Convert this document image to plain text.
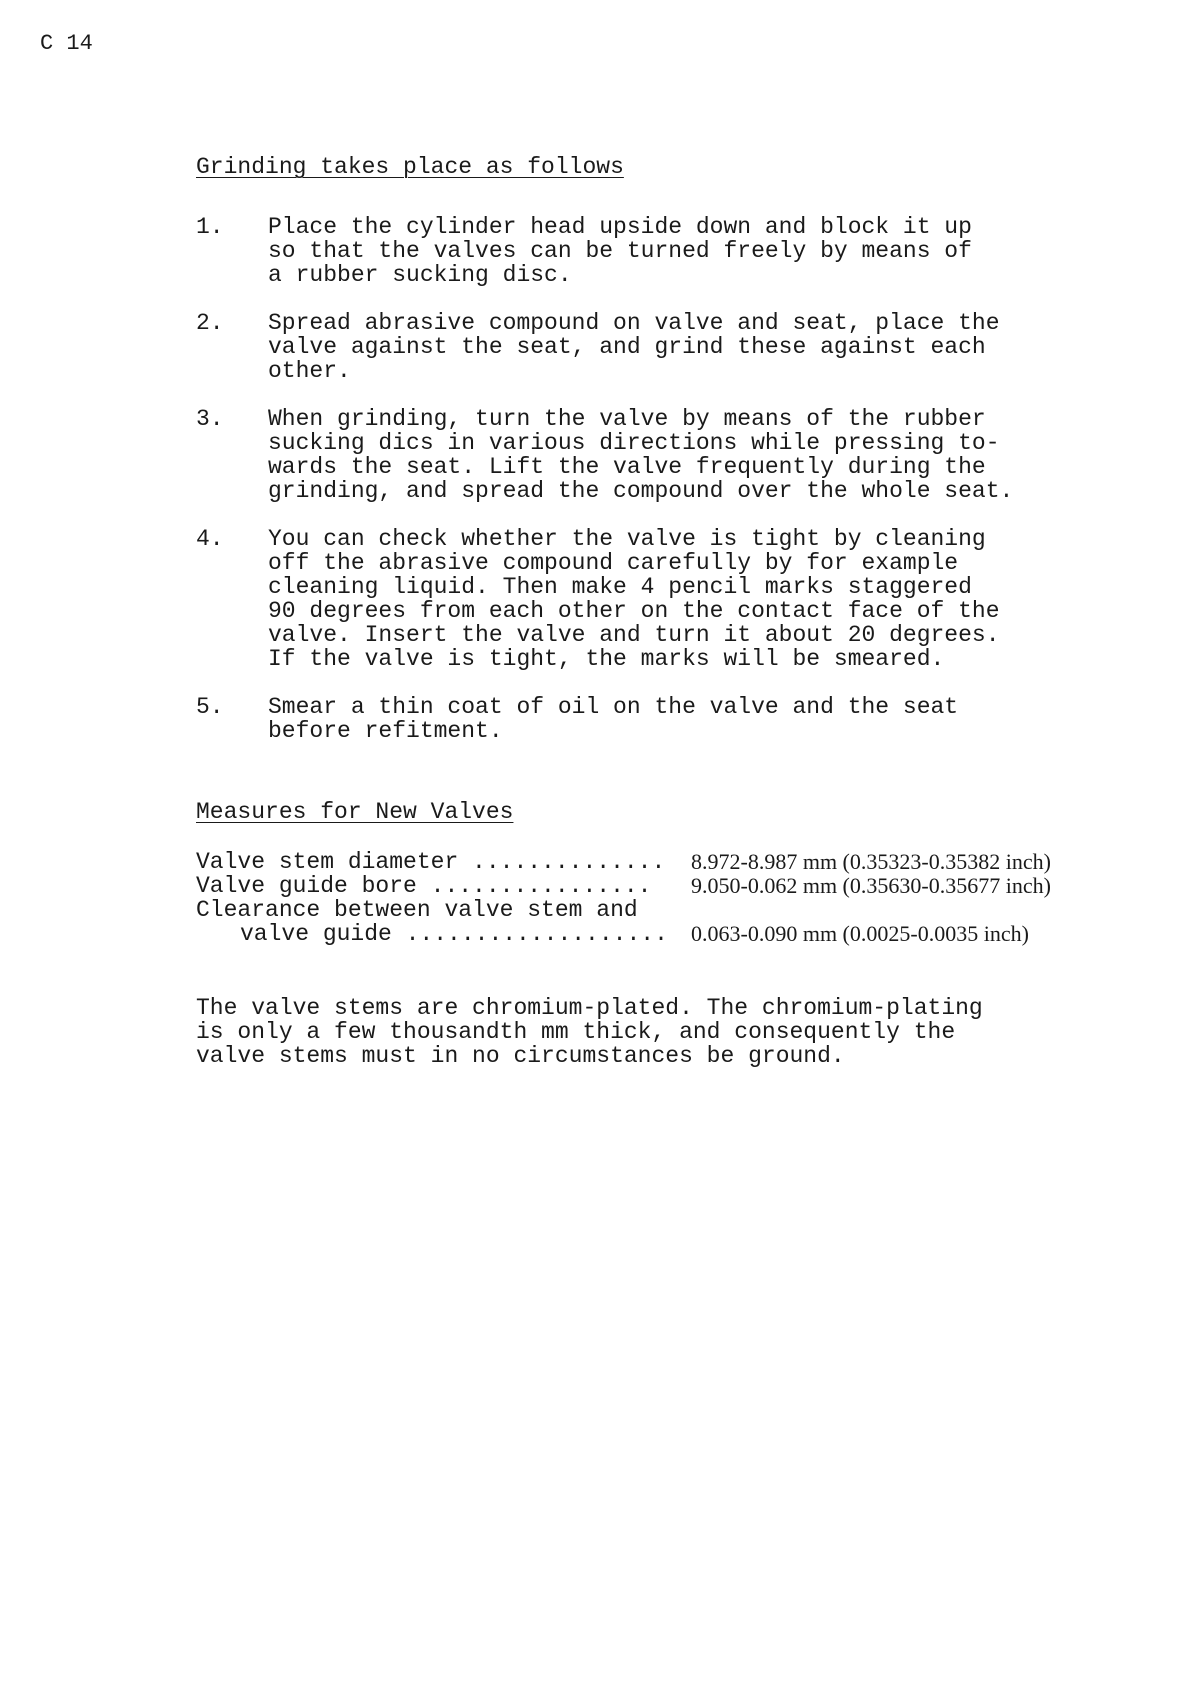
C 14
Grinding takes place as follows
1.	Place the cylinder head upside down and block it up
so that the valves can be turned freely by means of
a rubber sucking disc.
2.	Spread abrasive compound on valve and seat, place the
valve against the seat, and grind these against each
other.
3.	When grinding, turn the valve by means of the rubber
sucking dics in various directions while pressing to-
wards the seat. Lift the valve frequently during the
grinding, and spread the compound over the whole seat.
4.	You can check whether the valve is tight by cleaning
off the abrasive compound carefully by for example
cleaning liquid. Then make 4 pencil marks staggered
90 degrees from each other on the contact face of the
valve. Insert the valve and turn it about 20 degrees.
If the valve is tight, the marks will be smeared.
5.	Smear a thin coat of oil on the valve and the seat
before refitment.
Measures for New Valves
Valve stem diameter ..............	8.972-8.987 mm (0.35323-0.35382 inch)
Valve guide bore ................	9.050-0.062 mm (0.35630-0.35677 inch)
Clearance between valve stem and
valve guide ...................	0.063-0.090 mm (0.0025-0.0035 inch)
The valve stems are chromium-plated. The chromium-plating
is only a few thousandth mm thick, and consequently the
valve stems must in no circumstances be ground.
